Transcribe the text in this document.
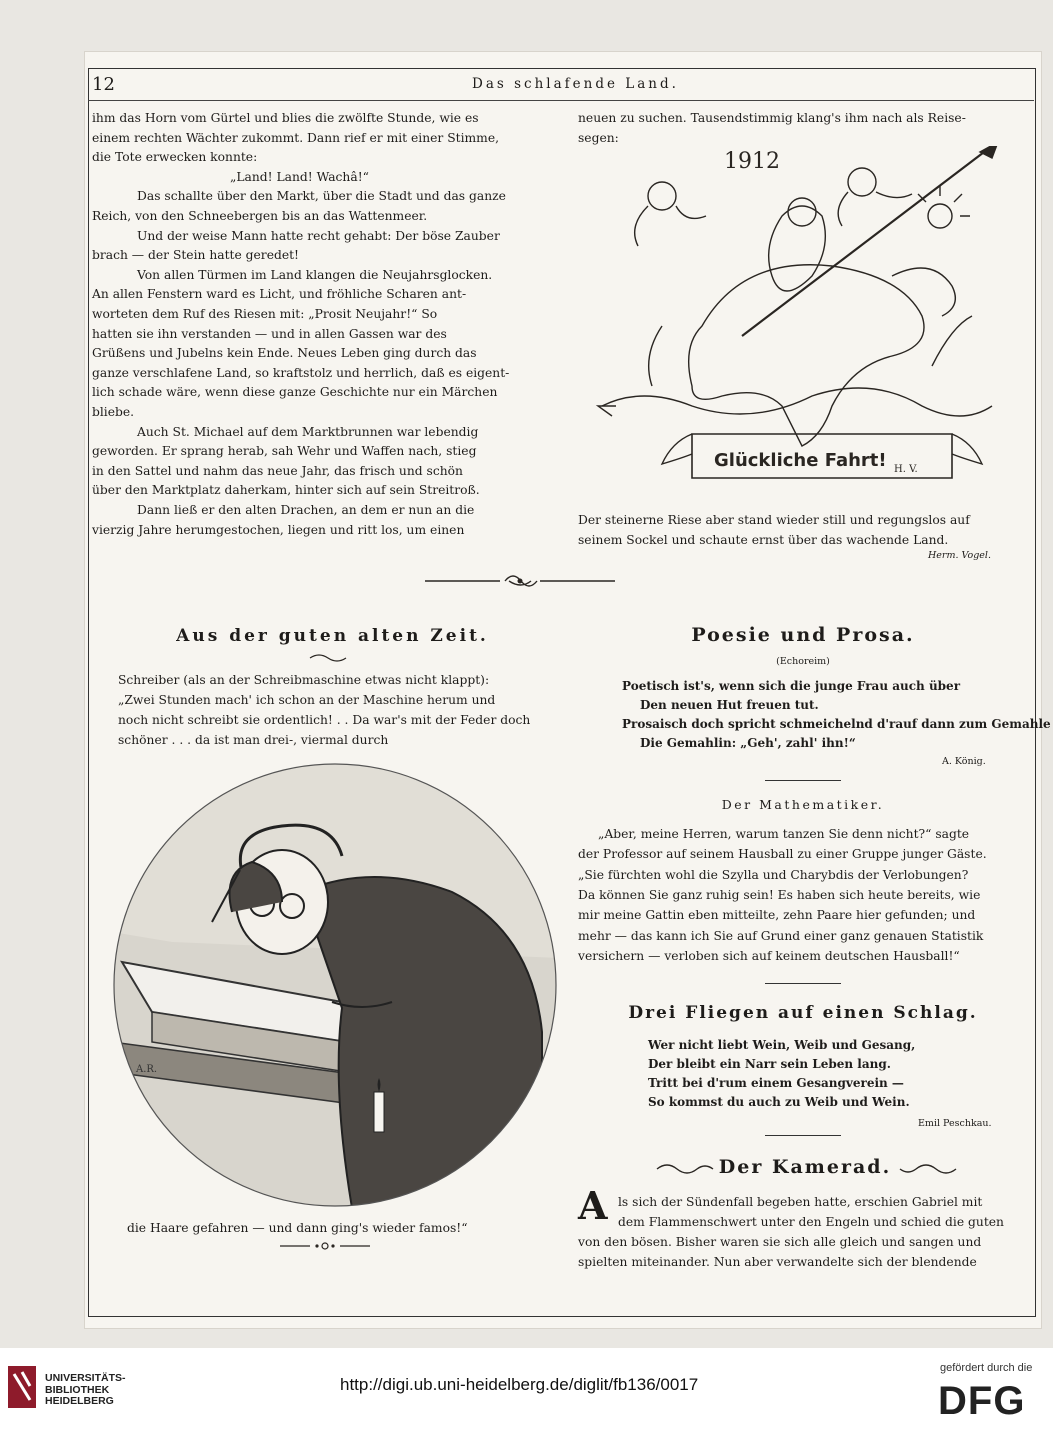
12	Das schlafende Land.

ihm das Horn vom Gürtel und blies die zwölfte Stunde, wie es

einem rechten Wächter zukommt. Dann rief er mit einer Stimme,

die Tote erwecken konnte:

„Land! Land! Wachâ!“

Das schallte über den Markt, über die Stadt und das ganze

Reich, von den Schneebergen bis an das Wattenmeer.

Und der weise Mann hatte recht gehabt: Der böse Zauber

brach — der Stein hatte geredet!

Von allen Türmen im Land klangen die Neujahrsglocken.

An allen Fenstern ward es Licht, und fröhliche Scharen ant-

worteten dem Ruf des Riesen mit: „Prosit Neujahr!“ So

hatten sie ihn verstanden — und in allen Gassen war des

Grüßens und Jubelns kein Ende. Neues Leben ging durch das

ganze verschlafene Land, so kraftstolz und herrlich, daß es eigent-

lich schade wäre, wenn diese ganze Geschichte nur ein Märchen

bliebe.

Auch St. Michael auf dem Marktbrunnen war lebendig

geworden. Er sprang herab, sah Wehr und Waffen nach, stieg

in den Sattel und nahm das neue Jahr, das frisch und schön

über den Marktplatz daherkam, hinter sich auf sein Streitroß.

Dann ließ er den alten Drachen, an dem er nun an die

vierzig Jahre herumgestochen, liegen und ritt los, um einen

neuen zu suchen. Tausendstimmig klang's ihm nach als Reise-

segen:

1912
Glückliche Fahrt! H. V.

Der steinerne Riese aber stand wieder still und regungslos auf

seinem Sockel und schaute ernst über das wachende Land.

Herm. Vogel.

Aus der guten alten Zeit.

Schreiber (als an der Schreibmaschine etwas nicht klappt):

„Zwei Stunden mach' ich schon an der Maschine herum und

noch nicht schreibt sie ordentlich! . . Da war's mit der Feder doch

schöner . . . da ist man drei-, viermal durch

A.R.

die Haare gefahren — und dann ging's wieder famos!“

Poesie und Prosa.

(Echoreim)

Poetisch ist's, wenn sich die junge Frau auch über

Den neuen Hut freuen tut.

Prosaisch doch spricht schmeichelnd d'rauf dann zum Gemahle

Die Gemahlin: „Geh', zahl' ihn!“

A. König.

Der Mathematiker.

„Aber, meine Herren, warum tanzen Sie denn nicht?“ sagte

der Professor auf seinem Hausball zu einer Gruppe junger Gäste.

„Sie fürchten wohl die Szylla und Charybdis der Verlobungen?

Da können Sie ganz ruhig sein! Es haben sich heute bereits, wie

mir meine Gattin eben mitteilte, zehn Paare hier gefunden; und

mehr — das kann ich Sie auf Grund einer ganz genauen Statistik

versichern — verloben sich auf keinem deutschen Hausball!“

Drei Fliegen auf einen Schlag.

Wer nicht liebt Wein, Weib und Gesang,

Der bleibt ein Narr sein Leben lang.

Tritt bei d'rum einem Gesangverein —

So kommst du auch zu Weib und Wein.

Emil Peschkau.

Der Kamerad.

A ls sich der Sündenfall begeben hatte, erschien Gabriel mit

dem Flammenschwert unter den Engeln und schied die guten

von den bösen. Bisher waren sie sich alle gleich und sangen und

spielten miteinander. Nun aber verwandelte sich der blendende

UNIVERSITÄTS-
BIBLIOTHEK
HEIDELBERG
http://digi.ub.uni-heidelberg.de/diglit/fb136/0017
gefördert durch die
DFG
